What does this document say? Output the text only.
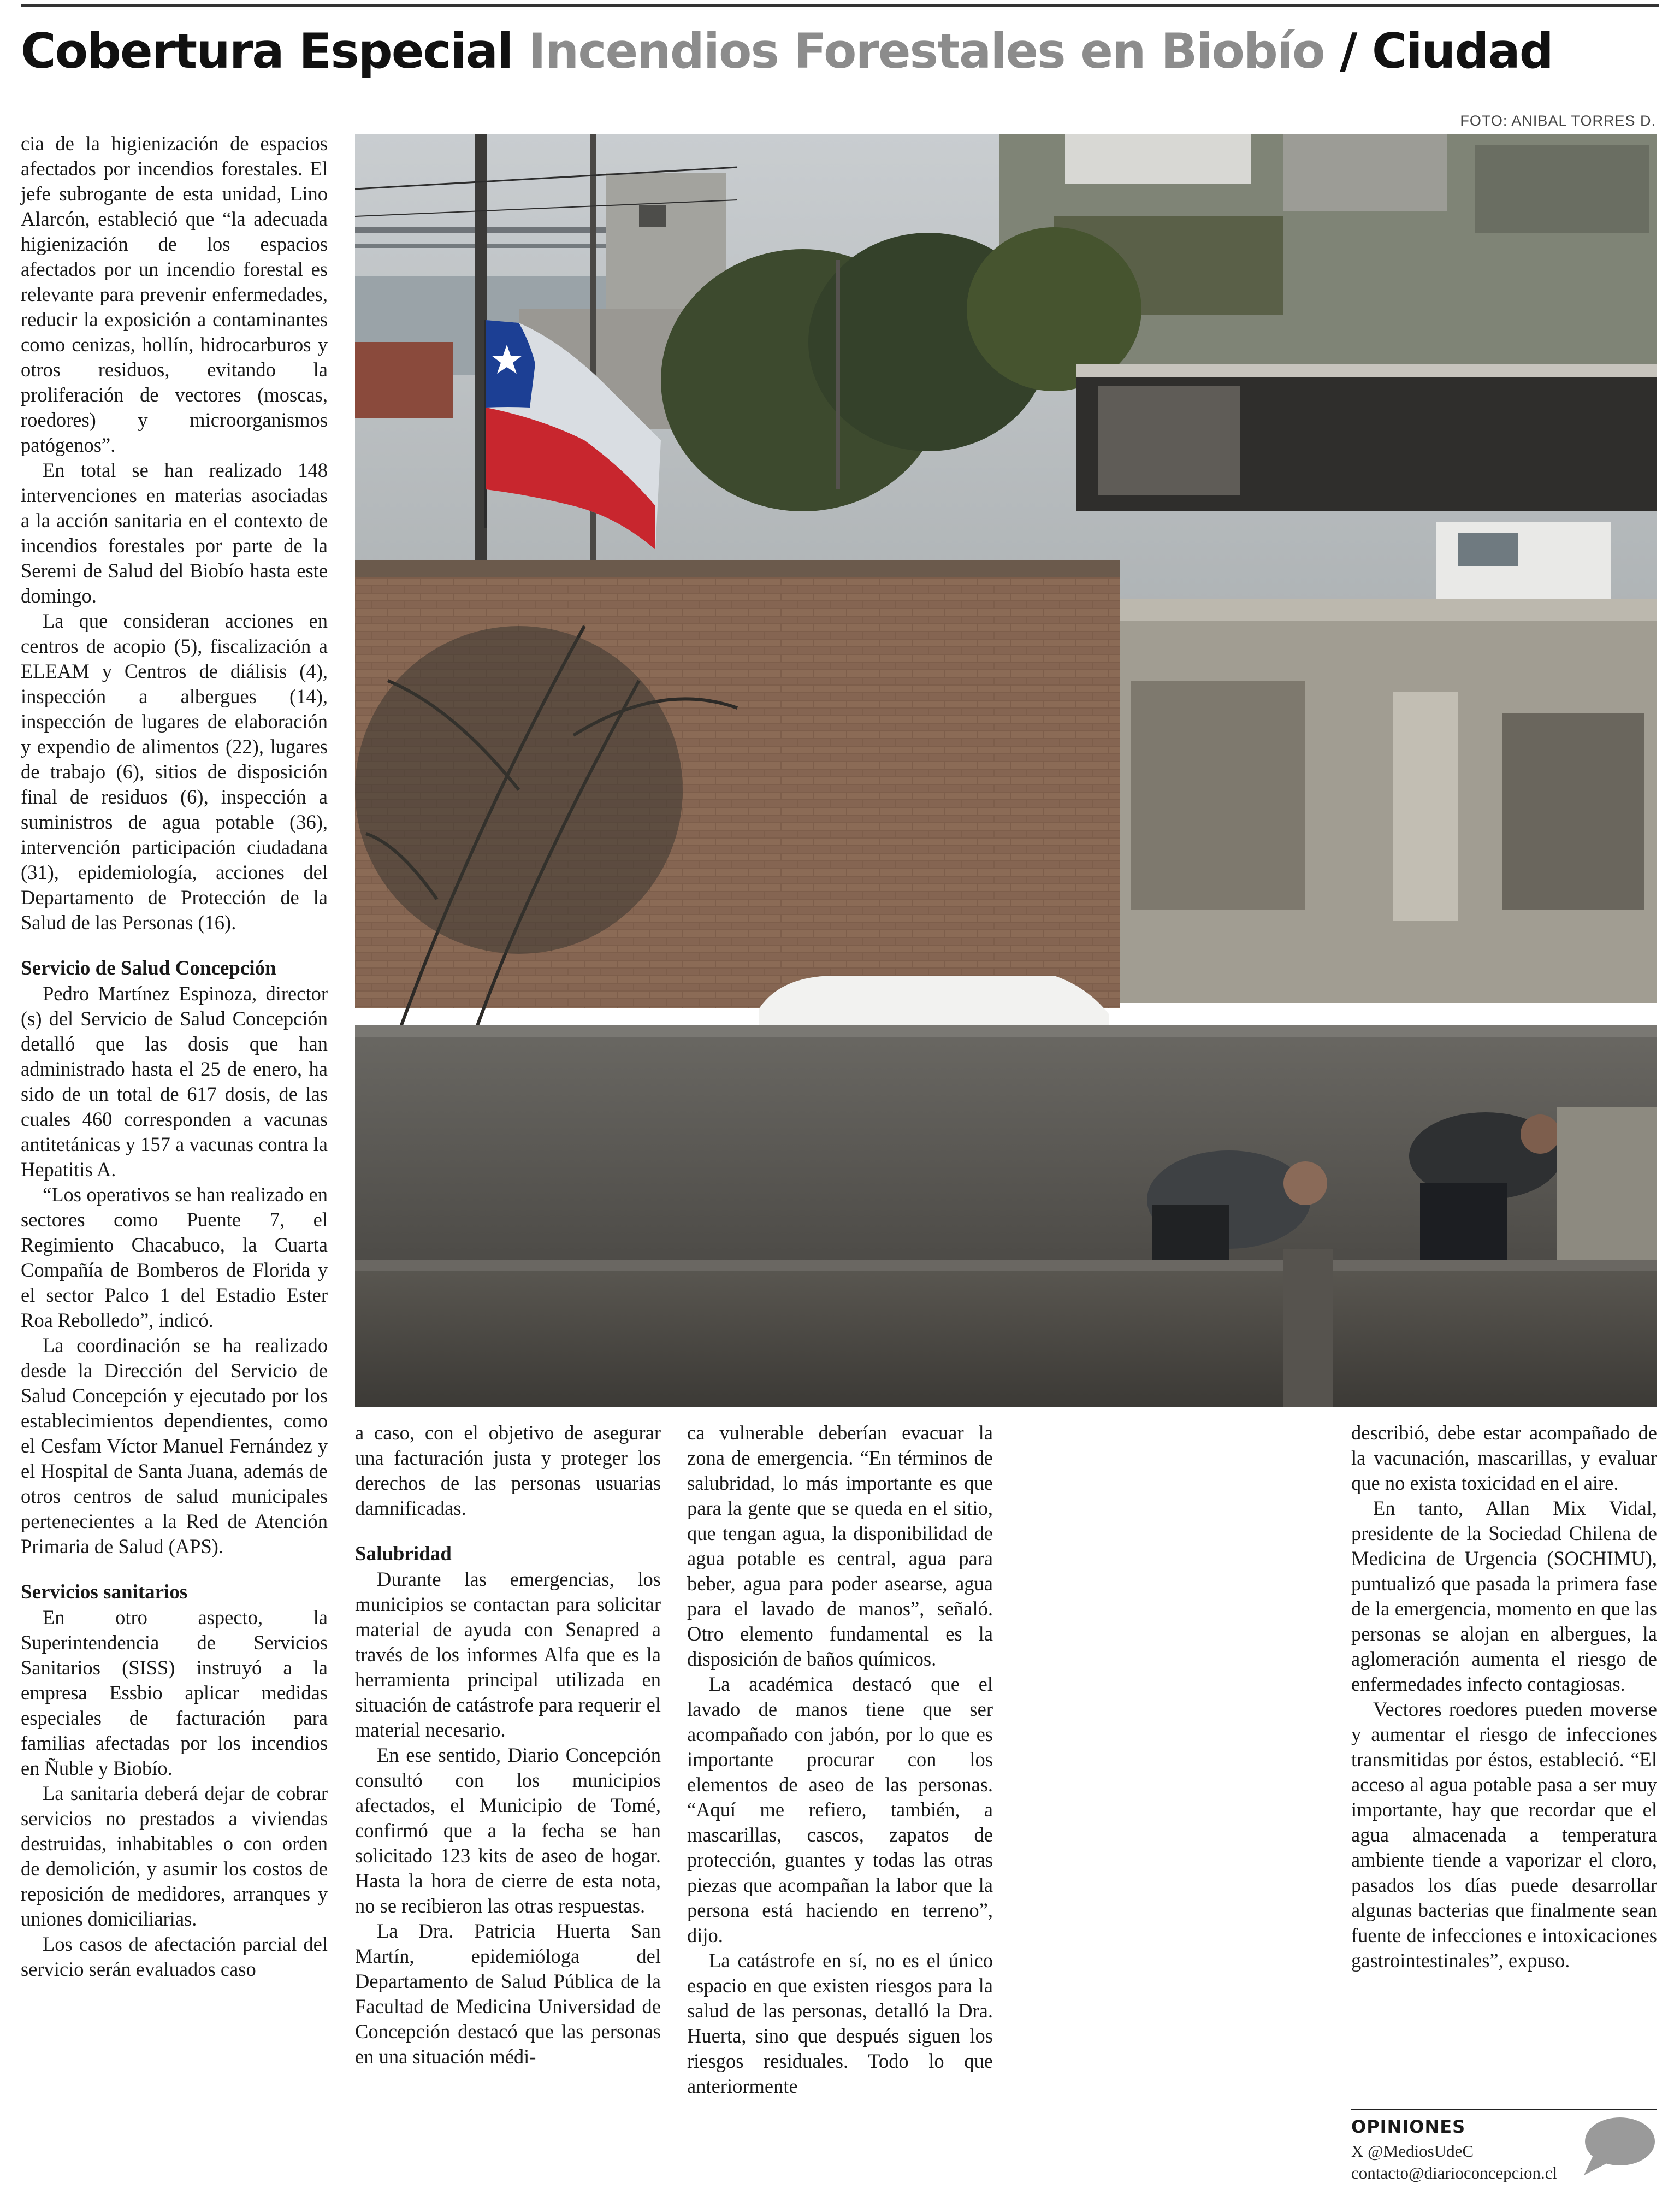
Cobertura Especial Incendios Forestales en Biobío / Ciudad
FOTO: ANIBAL TORRES D.

cia de la higienización de espacios afectados por incendios forestales. El jefe subrogante de esta unidad, Lino Alarcón, estableció que “la adecuada higienización de los espacios afectados por un incendio forestal es relevante para prevenir enfermedades, reducir la exposición a contaminantes como cenizas, hollín, hidrocarburos y otros residuos, evitando la proliferación de vectores (moscas, roedores) y microorganismos patógenos”.

En total se han realizado 148 intervenciones en materias asociadas a la acción sanitaria en el contexto de incendios forestales por parte de la Seremi de Salud del Biobío hasta este domingo.

La que consideran acciones en centros de acopio (5), fiscalización a ELEAM y Centros de diálisis (4), inspección a albergues (14), inspección de lugares de elaboración y expendio de alimentos (22), lugares de trabajo (6), sitios de disposición final de residuos (6), inspección a suministros de agua potable (36), intervención participación ciudadana (31), epidemiología, acciones del Departamento de Protección de la Salud de las Personas (16).

Servicio de Salud Concepción

Pedro Martínez Espinoza, director (s) del Servicio de Salud Concepción detalló que las dosis que han administrado hasta el 25 de enero, ha sido de un total de 617 dosis, de las cuales 460 corresponden a vacunas antitetánicas y 157 a vacunas contra la Hepatitis A.

“Los operativos se han realizado en sectores como Puente 7, el Regimiento Chacabuco, la Cuarta Compañía de Bomberos de Florida y el sector Palco 1 del Estadio Ester Roa Rebolledo”, indicó.

La coordinación se ha realizado desde la Dirección del Servicio de Salud Concepción y ejecutado por los establecimientos dependientes, como el Cesfam Víctor Manuel Fernández y el Hospital de Santa Juana, además de otros centros de salud municipales pertenecientes a la Red de Atención Primaria de Salud (APS).

Servicios sanitarios

En otro aspecto, la Superintendencia de Servicios Sanitarios (SISS) instruyó a la empresa Essbio aplicar medidas especiales de facturación para familias afectadas por los incendios en Ñuble y Biobío.

La sanitaria deberá dejar de cobrar servicios no prestados a viviendas destruidas, inhabitables o con orden de demolición, y asumir los costos de reposición de medidores, arranques y uniones domiciliarias.

Los casos de afectación parcial del servicio serán evaluados caso

a caso, con el objetivo de asegurar una facturación justa y proteger los derechos de las personas usuarias damnificadas.

Salubridad

Durante las emergencias, los municipios se contactan para solicitar material de ayuda con Senapred a través de los informes Alfa que es la herramienta principal utilizada en situación de catástrofe para requerir el material necesario.

En ese sentido, Diario Concepción consultó con los municipios afectados, el Municipio de Tomé, confirmó que a la fecha se han solicitado 123 kits de aseo de hogar. Hasta la hora de cierre de esta nota, no se recibieron las otras respuestas.

La Dra. Patricia Huerta San Martín, epidemióloga del Departamento de Salud Pública de la Facultad de Medicina Universidad de Concepción destacó que las personas en una situación médi-

ca vulnerable deberían evacuar la zona de emergencia. “En términos de salubridad, lo más importante es que para la gente que se queda en el sitio, que tengan agua, la disponibilidad de agua potable es central, agua para beber, agua para poder asearse, agua para el lavado de manos”, señaló. Otro elemento fundamental es la disposición de baños químicos.

La académica destacó que el lavado de manos tiene que ser acompañado con jabón, por lo que es importante procurar con los elementos de aseo de las personas. “Aquí me refiero, también, a mascarillas, cascos, zapatos de protección, guantes y todas las otras piezas que acompañan la labor que la persona está haciendo en terreno”, dijo.

La catástrofe en sí, no es el único espacio en que existen riesgos para la salud de las personas, detalló la Dra. Huerta, sino que después siguen los riesgos residuales. Todo lo que anteriormente

describió, debe estar acompañado de la vacunación, mascarillas, y evaluar que no exista toxicidad en el aire.

En tanto, Allan Mix Vidal, presidente de la Sociedad Chilena de Medicina de Urgencia (SOCHIMU), puntualizó que pasada la primera fase de la emergencia, momento en que las personas se alojan en albergues, la aglomeración aumenta el riesgo de enfermedades infecto contagiosas.

Vectores roedores pueden moverse y aumentar el riesgo de infecciones transmitidas por éstos, estableció. “El acceso al agua potable pasa a ser muy importante, hay que recordar que el agua almacenada a temperatura ambiente tiende a vaporizar el cloro, pasados los días puede desarrollar algunas bacterias que finalmente sean fuente de infecciones e intoxicaciones gastrointestinales”, expuso.

OPINIONES
X @MediosUdeC
contacto@diarioconcepcion.cl
